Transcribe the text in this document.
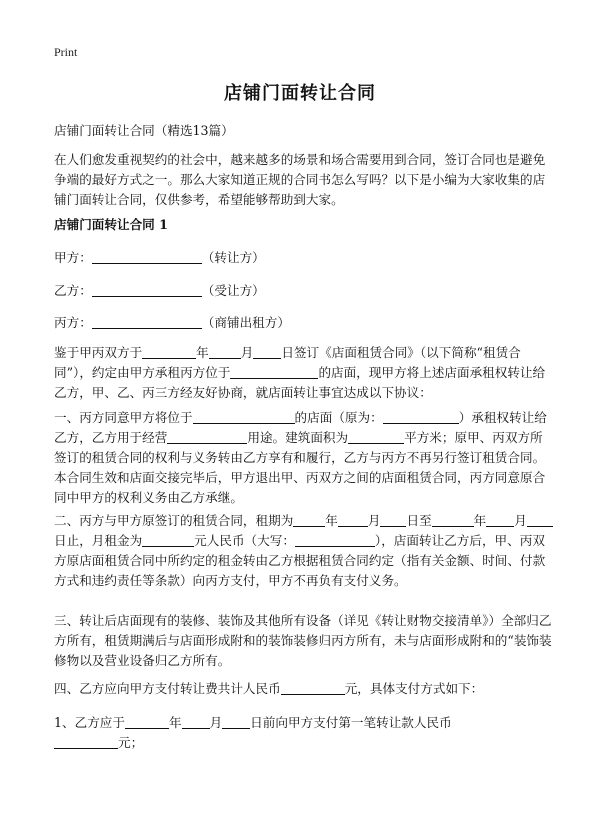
Print
店铺门面转让合同

店铺门面转让合同（精选13篇）

在人们愈发重视契约的社会中，越来越多的场景和场合需要用到合同，签订合同也是避免争端的最好方式之一。那么大家知道正规的合同书怎么写吗？以下是小编为大家收集的店铺门面转让合同，仅供参考，希望能够帮助到大家。

店铺门面转让合同 1

甲方：	（转让方）

乙方：	（受让方）

丙方：	（商铺出租方）

鉴于甲丙双方于	年	月 日签订《店面租赁合同》（以下简称“租赁合同”），约定由甲方承租丙方位于	的店面，现甲方将上述店面承租权转让给乙方，甲、乙、丙三方经友好协商，就店面转让事宜达成以下协议：

一、丙方同意甲方将位于	的店面（原为：	）承租权转让给乙方，乙方用于经营	用途。建筑面积为	平方米；原甲、丙双方所签订的租赁合同的权利与义务转由乙方享有和履行，乙方与丙方不再另行签订租赁合同。本合同生效和店面交接完毕后，甲方退出甲、丙双方之间的店面租赁合同，丙方同意原合同中甲方的权利义务由乙方承继。

二、丙方与甲方原签订的租赁合同，租期为	年 月 日至	年 月日止，月租金为	元人民币（大写：	），店面转让乙方后，甲、丙双方原店面租赁合同中所约定的租金转由乙方根据租赁合同约定（指有关金额、时间、付款方式和违约责任等条款）向丙方支付，甲方不再负有支付义务。

三、转让后店面现有的装修、装饰及其他所有设备（详见《转让财物交接清单》）全部归乙方所有，租赁期满后与店面形成附和的装饰装修归丙方所有，未与店面形成附和的“装饰装修物以及营业设备归乙方所有。

四、乙方应向甲方支付转让费共计人民币	元，具体支付方式如下：

1、乙方应于	年 月 日前向甲方支付第一笔转让款人民币
元；
